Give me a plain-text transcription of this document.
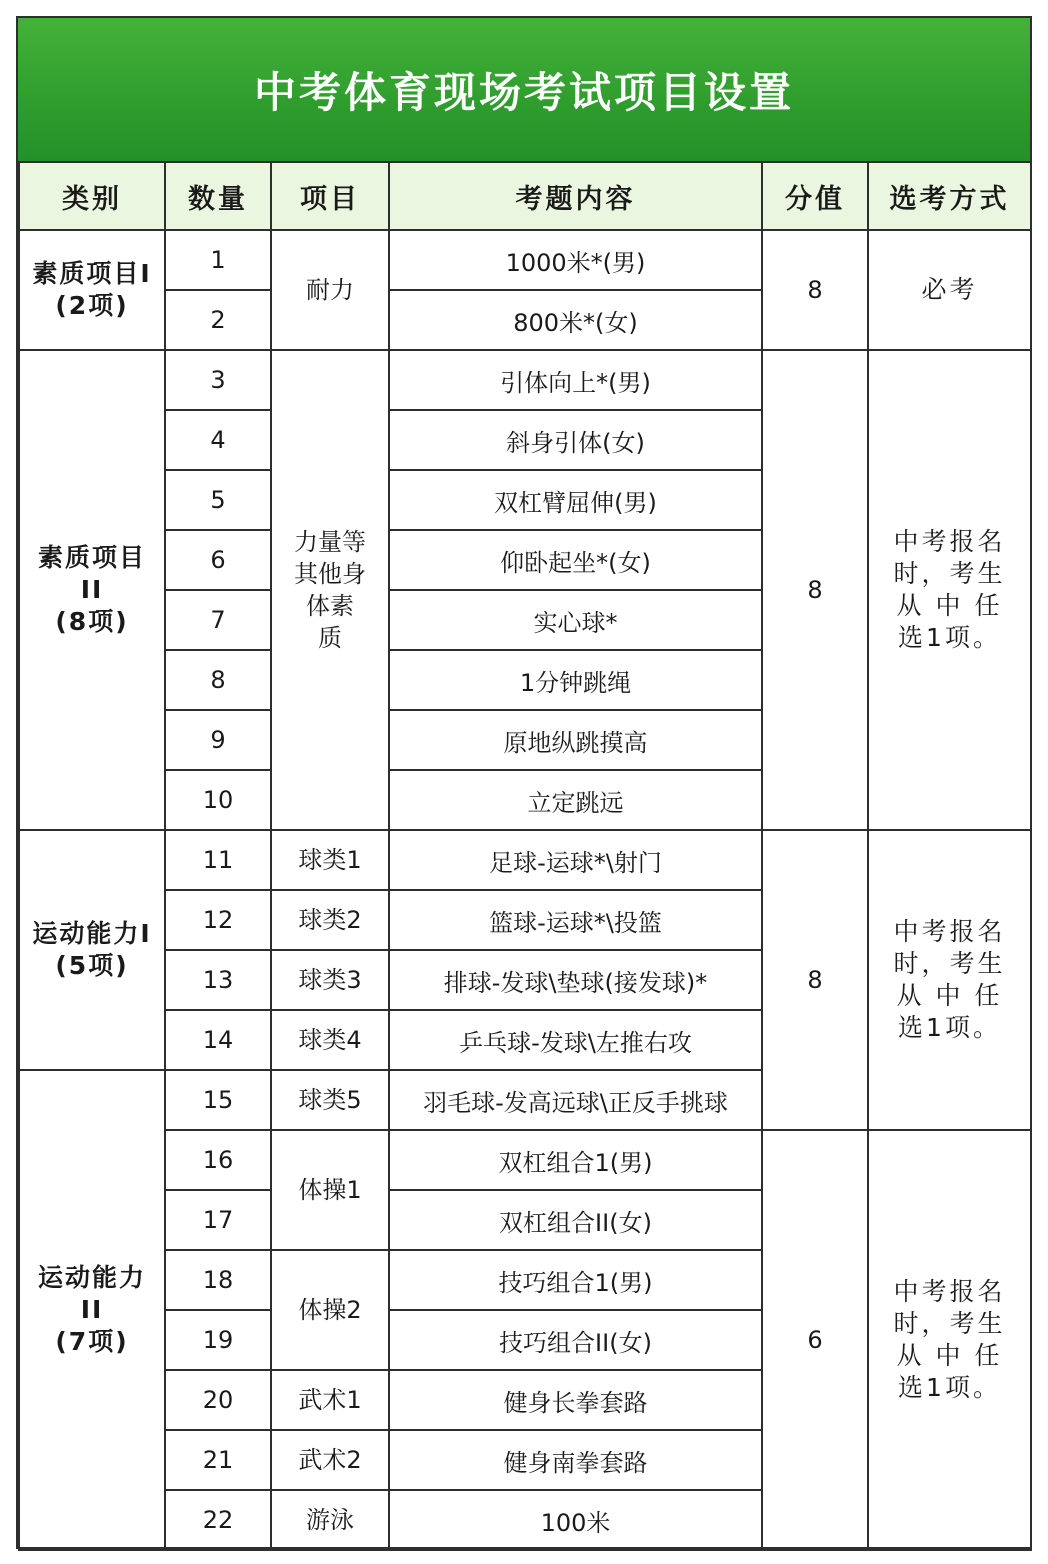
中考体育现场考试项目设置
类别	数量	项目	考题内容	分值	选考方式

素质项目I
(2项)	1	耐力	1000米*(男)	8	必考
	2		800米*(女)		

素质项目
II
(8项)	3	力量等
其他身
体素
质	引体向上*(男)	8	中考报名
时，考生
从 中 任
选1项。

	4		斜身引体(女)		
	5		双杠臂屈伸(男)		
	6		仰卧起坐*(女)		
	7		实心球*		
	8		1分钟跳绳		
	9		原地纵跳摸高		
	10		立定跳远		

运动能力I
(5项)	11	球类1	足球-运球*\射门	8	中考报名
时，考生
从 中 任
选1项。

	12	球类2	篮球-运球*\投篮		
	13	球类3	排球-发球\垫球(接发球)*		
	14	球类4	乒乓球-发球\左推右攻		

运动能力
II
(7项)	15	球类5	羽毛球-发高远球\正反手挑球		
	16	体操1	双杠组合1(男)	6	中考报名
时，考生
从 中 任
选1项。

	17		双杠组合II(女)		
	18	体操2	技巧组合1(男)		
	19		技巧组合II(女)		
	20	武术1	健身长拳套路		
	21	武术2	健身南拳套路		
	22	游泳	100米		
